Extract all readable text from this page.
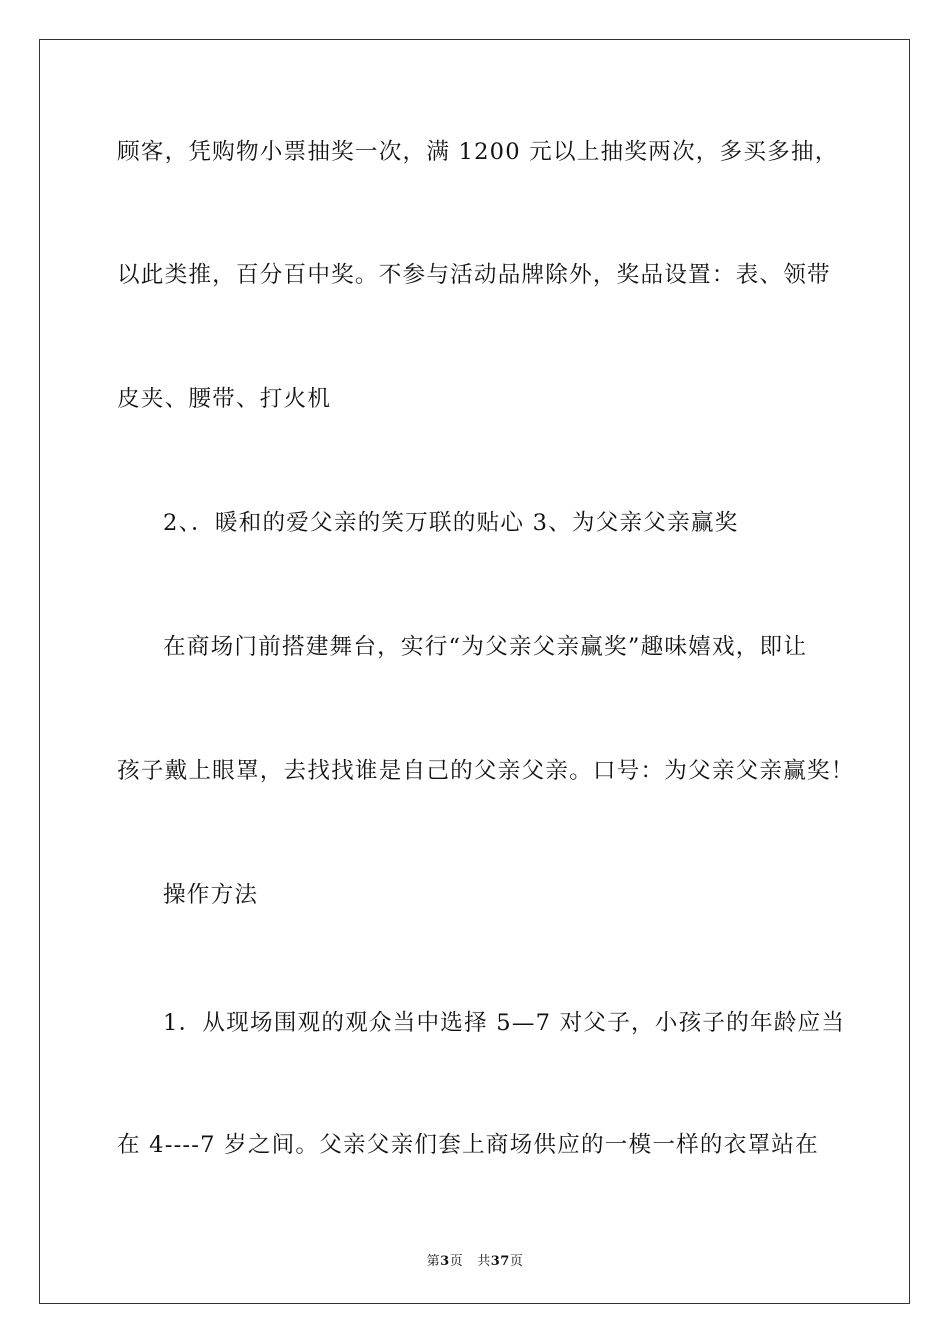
顾客，凭购物小票抽奖一次，满 1200 元以上抽奖两次，多买多抽，
以此类推，百分百中奖。不参与活动品牌除外，奖品设置：表、领带
皮夹、腰带、打火机
2、．暖和的爱父亲的笑万联的贴心 3、为父亲父亲赢奖
在商场门前搭建舞台，实行“为父亲父亲赢奖”趣味嬉戏，即让
孩子戴上眼罩，去找找谁是自己的父亲父亲。口号：为父亲父亲赢奖！
操作方法
1．从现场围观的观众当中选择 5—7 对父子，小孩子的年龄应当
在 4----7 岁之间。父亲父亲们套上商场供应的一模一样的衣罩站在
第3页 共37页
